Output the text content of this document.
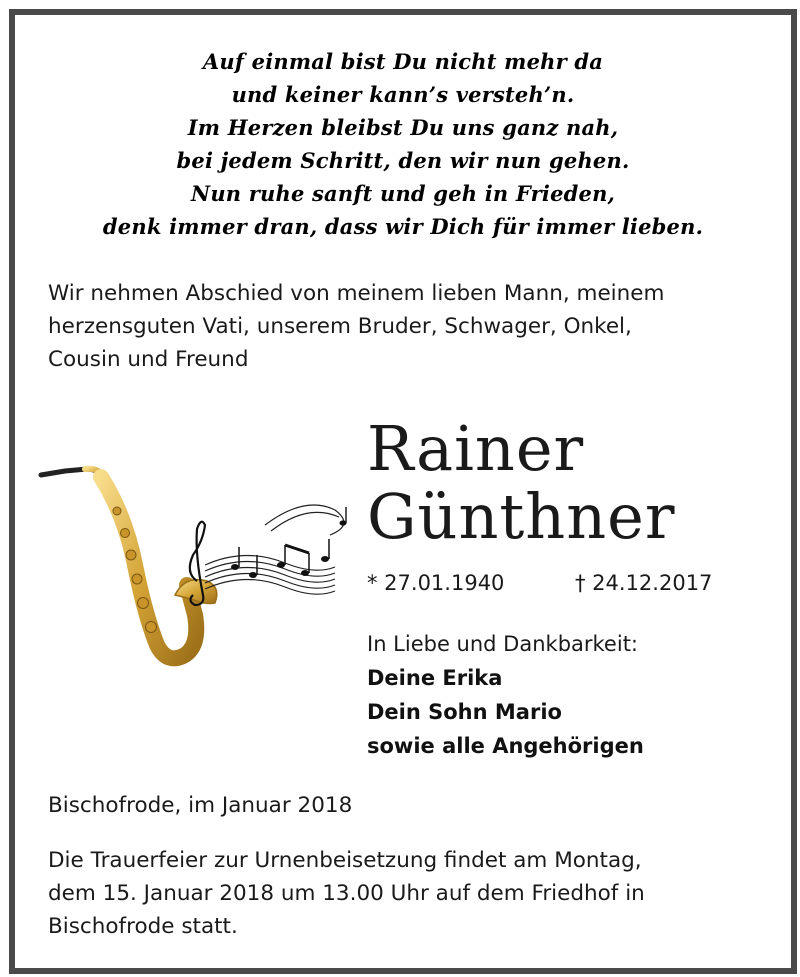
Auf einmal bist Du nicht mehr da
und keiner kann’s versteh’n.
Im Herzen bleibst Du uns ganz nah,
bei jedem Schritt, den wir nun gehen.
Nun ruhe sanft und geh in Frieden,
denk immer dran, dass wir Dich für immer lieben.
Wir nehmen Abschied von meinem lieben Mann, meinem
herzensguten Vati, unserem Bruder, Schwager, Onkel,
Cousin und Freund
Rainer
Günthner
* 27.01.1940	† 24.12.2017
In Liebe und Dankbarkeit:
Deine Erika
Dein Sohn Mario
sowie alle Angehörigen
Bischofrode, im Januar 2018
Die Trauerfeier zur Urnenbeisetzung findet am Montag,
dem 15. Januar 2018 um 13.00 Uhr auf dem Friedhof in
Bischofrode statt.
